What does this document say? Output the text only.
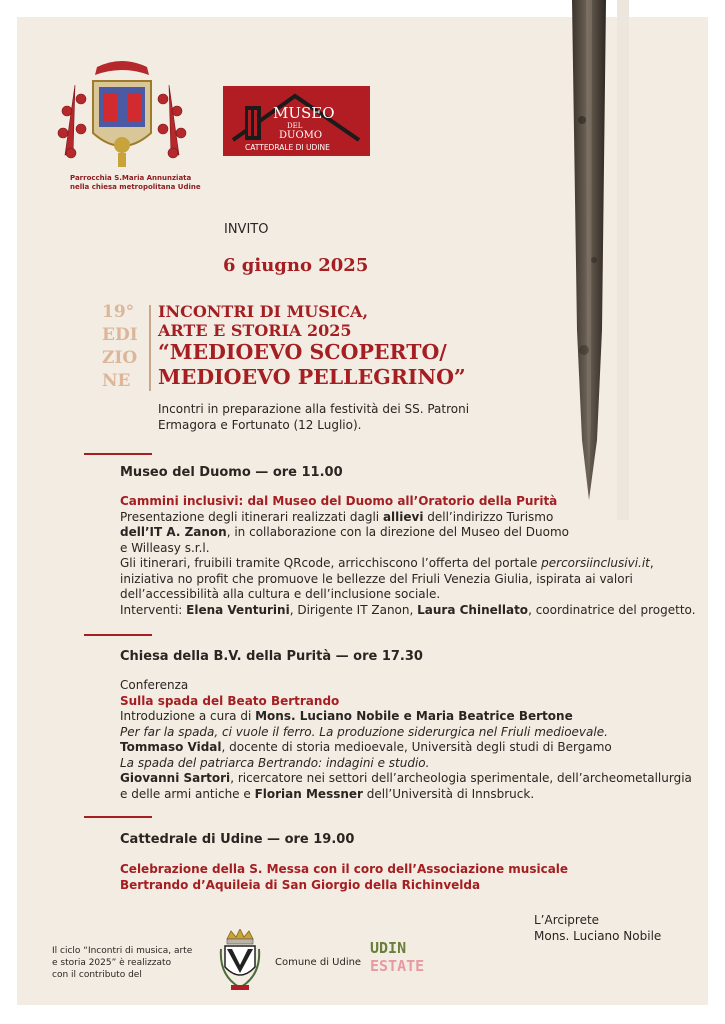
Parrocchia S.Maria Annunziata
nella chiesa metropolitana Udine
MUSEO
DEL
DUOMO
CATTEDRALE DI UDINE
INVITO
6 giugno 2025
19°
EDI
ZIO
NE
INCONTRI DI MUSICA,
ARTE E STORIA 2025
“MEDIOEVO SCOPERTO/
MEDIOEVO PELLEGRINO”
Incontri in preparazione alla festività dei SS. Patroni
Ermagora e Fortunato (12 Luglio).
Museo del Duomo — ore 11.00
Cammini inclusivi: dal Museo del Duomo all’Oratorio della Purità
Presentazione degli itinerari realizzati dagli allievi dell’indirizzo Turismo
dell’IT A. Zanon, in collaborazione con la direzione del Museo del Duomo
e Willeasy s.r.l.
Gli itinerari, fruibili tramite QRcode, arricchiscono l’offerta del portale percorsiinclusivi.it,
iniziativa no profit che promuove le bellezze del Friuli Venezia Giulia, ispirata ai valori
dell’accessibilità alla cultura e dell’inclusione sociale.
Interventi: Elena Venturini, Dirigente IT Zanon, Laura Chinellato, coordinatrice del progetto.
Chiesa della B.V. della Purità — ore 17.30
Conferenza
Sulla spada del Beato Bertrando
Introduzione a cura di Mons. Luciano Nobile e Maria Beatrice Bertone
Per far la spada, ci vuole il ferro. La produzione siderurgica nel Friuli medioevale.
Tommaso Vidal, docente di storia medioevale, Università degli studi di Bergamo
La spada del patriarca Bertrando: indagini e studio.
Giovanni Sartori, ricercatore nei settori dell’archeologia sperimentale, dell’archeometallurgia
e delle armi antiche e Florian Messner dell’Università di Innsbruck.
Cattedrale di Udine — ore 19.00
Celebrazione della S. Messa con il coro dell’Associazione musicale
Bertrando d’Aquileia di San Giorgio della Richinvelda
L’Arciprete
Mons. Luciano Nobile
Il ciclo “Incontri di musica, arte
e storia 2025” è realizzato
con il contributo del
Comune di Udine
UDIN
ESTATE
